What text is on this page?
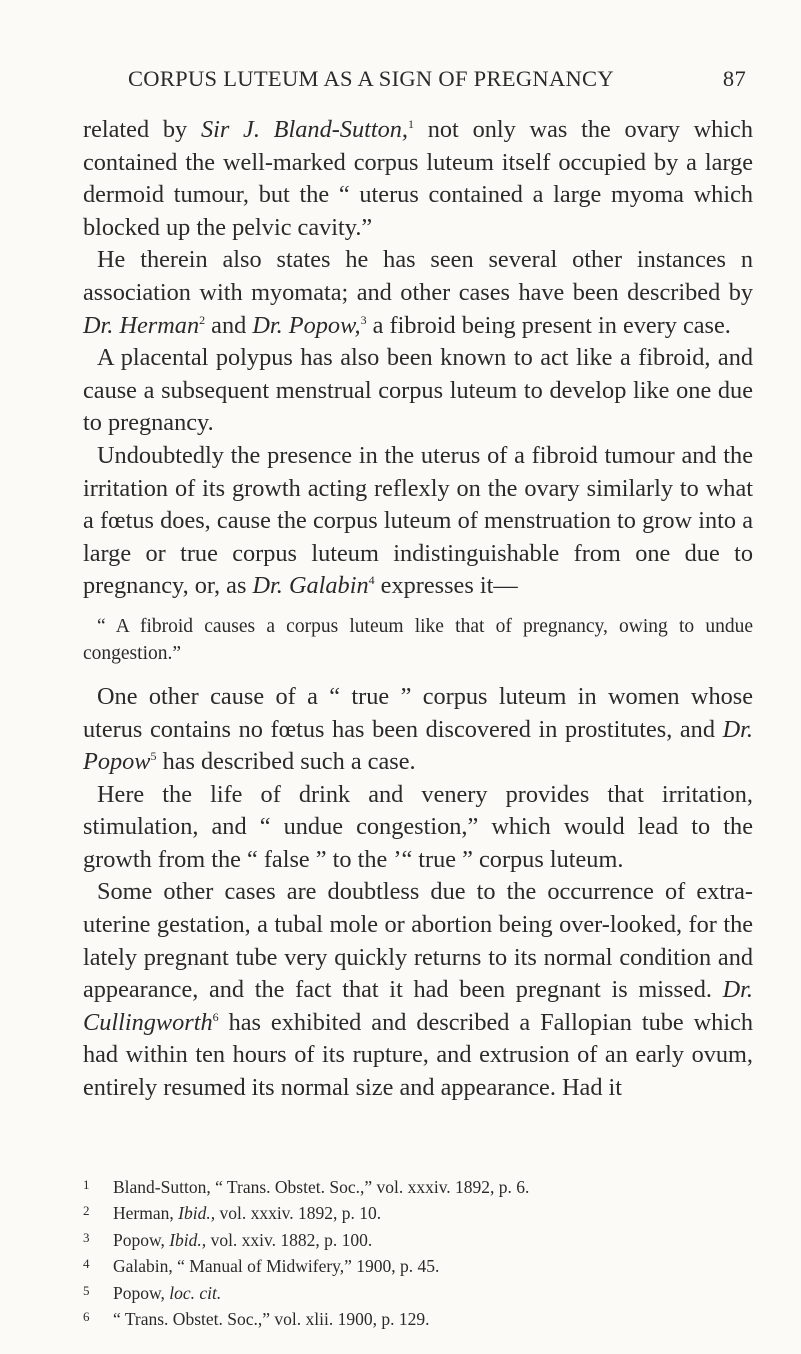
CORPUS LUTEUM AS A SIGN OF PREGNANCY	87

related by Sir J. Bland-Sutton,$^1$ not only was the ovary which contained the well-marked corpus luteum itself occupied by a large dermoid tumour, but the “ uterus contained a large myoma which blocked up the pelvic cavity.”

He therein also states he has seen several other instances n association with myomata; and other cases have been described by Dr. Herman$^2$ and Dr. Popow,$^3$ a fibroid being present in every case.

A placental polypus has also been known to act like a fibroid, and cause a subsequent menstrual corpus luteum to develop like one due to pregnancy.

Undoubtedly the presence in the uterus of a fibroid tumour and the irritation of its growth acting reflexly on the ovary similarly to what a fœtus does, cause the corpus luteum of menstruation to grow into a large or true corpus luteum indistinguishable from one due to pregnancy, or, as Dr. Galabin$^4$ expresses it—

“ A fibroid causes a corpus luteum like that of pregnancy, owing to undue congestion.”

One other cause of a “ true ” corpus luteum in women whose uterus contains no fœtus has been discovered in prostitutes, and Dr. Popow$^5$ has described such a case.

Here the life of drink and venery provides that irritation, stimulation, and “ undue congestion,” which would lead to the growth from the “ false ” to the ’“ true ” corpus luteum.

Some other cases are doubtless due to the occurrence of extra-uterine gestation, a tubal mole or abortion being over-looked, for the lately pregnant tube very quickly returns to its normal condition and appearance, and the fact that it had been pregnant is missed. Dr. Cullingworth$^6$ has exhibited and described a Fallopian tube which had within ten hours of its rupture, and extrusion of an early ovum, entirely resumed its normal size and appearance. Had it

1 Bland-Sutton, “ Trans. Obstet. Soc.,” vol. xxxiv. 1892, p. 6.
2 Herman, Ibid., vol. xxxiv. 1892, p. 10.
3 Popow, Ibid., vol. xxiv. 1882, p. 100.
4 Galabin, “ Manual of Midwifery,” 1900, p. 45.
5 Popow, loc. cit.
6 “ Trans. Obstet. Soc.,” vol. xlii. 1900, p. 129.
